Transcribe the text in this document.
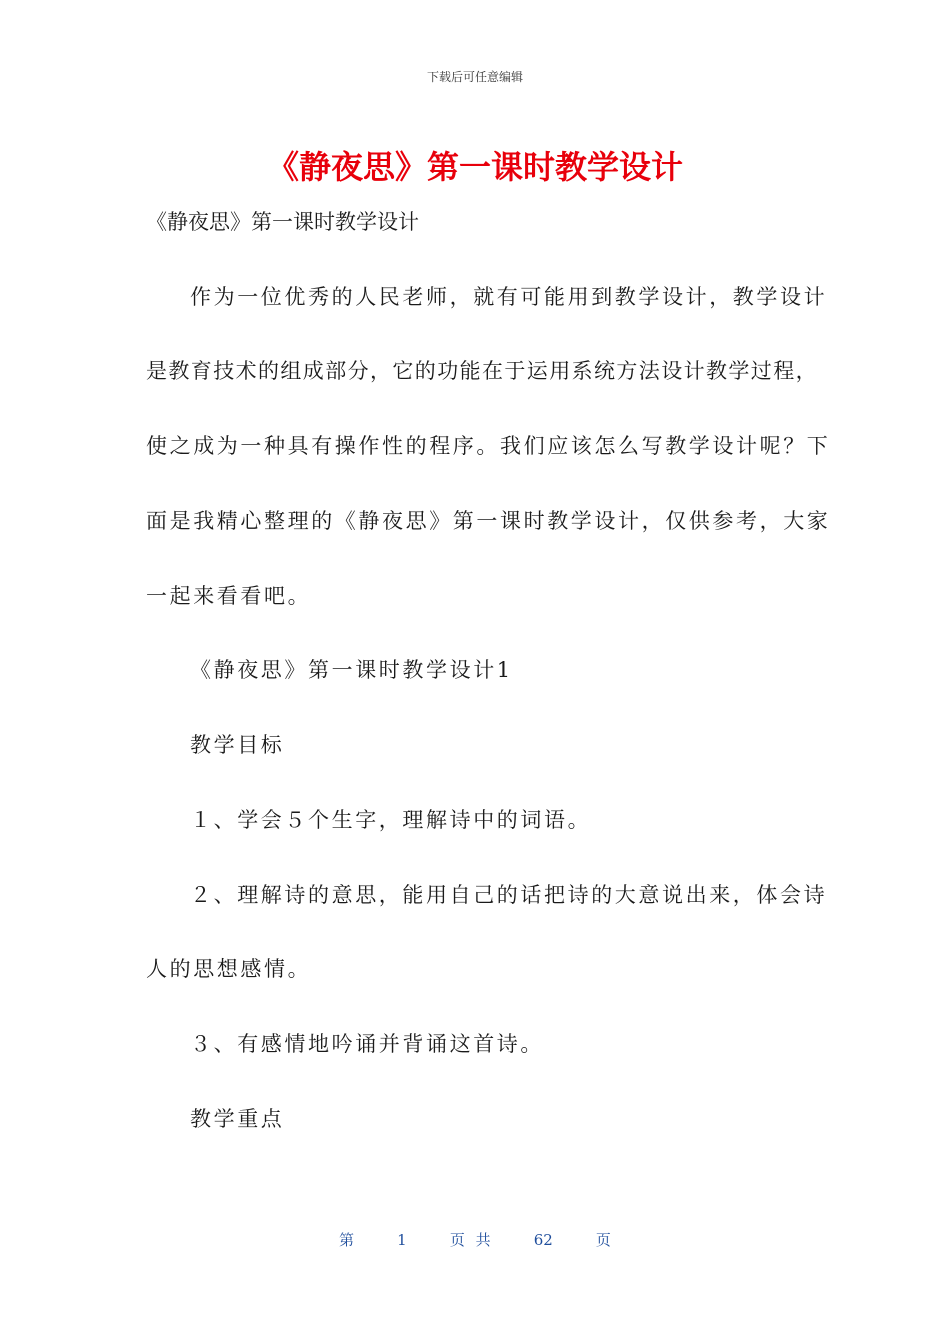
下载后可任意编辑
《静夜思》第一课时教学设计
《静夜思》第一课时教学设计
作为一位优秀的人民老师，就有可能用到教学设计，教学设计
是教育技术的组成部分，它的功能在于运用系统方法设计教学过程，
使之成为一种具有操作性的程序。我们应该怎么写教学设计呢？下
面是我精心整理的《静夜思》第一课时教学设计，仅供参考，大家
一起来看看吧。
《静夜思》第一课时教学设计1
教学目标
１、学会５个生字，理解诗中的词语。
２、理解诗的意思，能用自己的话把诗的大意说出来，体会诗
人的思想感情。
３、有感情地吟诵并背诵这首诗。
教学重点
第	1	页 共	62	页
